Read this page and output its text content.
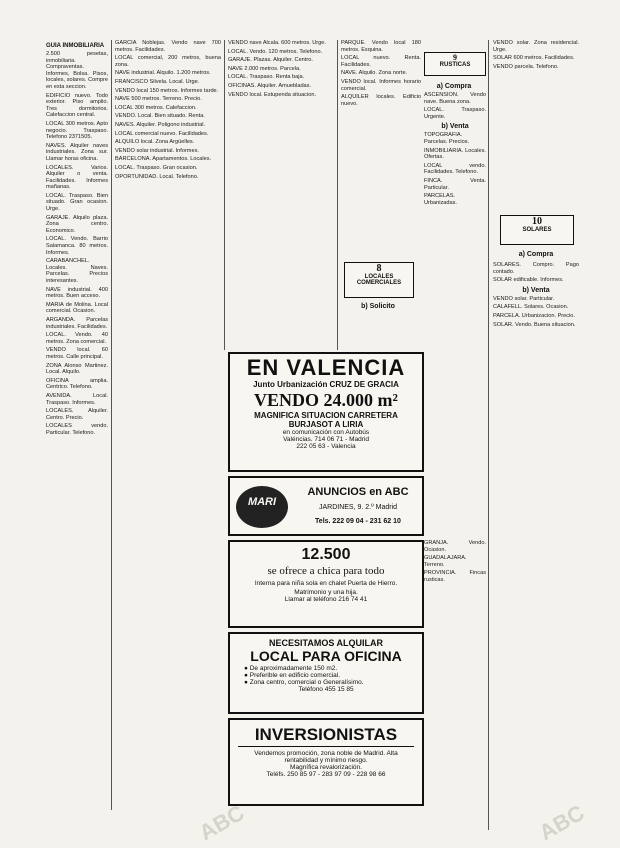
GUIA INMOBILIARIA

2.500 pesetas, inmobiliaria. Compraventas. Informes, Bolsa. Pisos, locales, solares. Compre en esta seccion.

EDIFICIO nuevo. Todo exterior. Piso amplio. Tres dormitorios. Calefaccion central.

LOCAL 300 metros. Apto negocio. Traspaso. Telefono 2371505.

NAVES. Alquiler naves industriales. Zona sur. Llamar horas oficina.

LOCALES. Varios. Alquiler o venta. Facilidades. Informes mañanas.

LOCAL. Traspaso. Bien situado. Gran ocasion. Urge.

GARAJE. Alquilo plaza. Zona centro. Economico.

LOCAL. Vendo. Barrio Salamanca. 80 metros. Informes.

CARABANCHEL. Locales. Naves. Parcelas. Precios interesantes.

NAVE industrial. 400 metros. Buen acceso.

MARIA de Molina. Local comercial. Ocasion.

ARGANDA. Parcelas industriales. Facilidades.

LOCAL. Vendo. 40 metros. Zona comercial.

VENDO local. 60 metros. Calle principal.

ZONA Alonso Martinez. Local. Alquilo.

OFICINA amplia. Centrico. Telefono.

AVENIDA. Local. Traspaso. Informes.

LOCALES. Alquiler. Centro. Precio.

LOCALES vendo. Particular. Telefono.

GARCIA Noblejas. Vendo nave 700 metros. Facilidades.

LOCAL comercial, 200 metros, buena zona.

NAVE industrial. Alquilo. 1.200 metros.

FRANCISCO Silvela. Local. Urge.

VENDO local 150 metros. Informes tarde.

NAVE 500 metros. Terreno. Precio.

LOCAL 300 metros. Calefaccion.

VENDO. Local. Bien situado. Renta.

NAVES. Alquiler. Poligono industrial.

LOCAL comercial nuevo. Facilidades.

ALQUILO local. Zona Argüelles.

VENDO solar industrial. Informes.

BARCELONA. Apartamentos. Locales.

LOCAL. Traspaso. Gran ocasion.

OPORTUNIDAD. Local. Telefono.

VENDO nave Alcala. 600 metros. Urge.

LOCAL. Vendo. 120 metros. Telefono.

GARAJE. Plazas. Alquiler. Centro.

NAVE 2.000 metros. Parcela.

LOCAL. Traspaso. Renta baja.

OFICINAS. Alquiler. Amuebladas.

VENDO local. Estupenda situacion.

PARQUE. Vendo local 180 metros. Esquina.

LOCAL nuevo. Renta. Facilidades.

NAVE. Alquilo. Zona norte.

VENDO local. Informes horario comercial.

ALQUILER locales. Edificio nuevo.

8
LOCALES COMERCIALES
b) Solicito
9
RUSTICAS
a) Compra

ASCENSION. Vendo nave. Buena zona.

LOCAL. Traspaso. Urgente.

b) Venta

TOPOGRAFIA. Parcelas. Precios.

INMOBILIARIA. Locales. Ofertas.

LOCAL vendo. Facilidades. Telefono.

FINCA. Venta. Particular.

PARCELAS. Urbanizadas.

GRANJA. Vendo. Ocasion.

GUADALAJARA. Terreno.

PROVINCIA. Fincas rusticas.

VENDO solar. Zona residencial. Urge.

SOLAR 600 metros. Facilidades.

VENDO parcela. Telefono.

10
SOLARES
a) Compra

SOLARES. Compro. Pago contado.

SOLAR edificable. Informes.

b) Venta

VENDO solar. Particular.

CALAFELL. Solares. Ocasion.

PARCELA. Urbanizacion. Precio.

SOLAR. Vendo. Buena situacion.

EN VALENCIA
Junto Urbanización CRUZ DE GRACIA
VENDO 24.000 m²
MAGNIFICA SITUACION CARRETERA
BURJASOT A LIRIA
en comunicación con Autobús
Valéncias. 714 06 71 - Madrid
222 05 63 - Valencia
MARI
ANUNCIOS en ABC
JARDINES, 9. 2.º Madrid
Tels. 222 09 04 - 231 62 10
12.500
se ofrece a chica para todo
Interna para niña sola en chalet Puerta de Hierro.
Matrimonio y una hija.
Llamar al teléfono 216 74 41
NECESITAMOS ALQUILAR
LOCAL PARA OFICINA
● De aproximadamente 150 m2.
● Preferible en edificio comercial.
● Zona centro, comercial o Generalísimo.
Teléfono 455 15 85
INVERSIONISTAS
Vendemos promoción, zona noble de Madrid. Alta rentabilidad y mínimo riesgo.
Magnífica revalorización.
Teléfs. 250 85 97 - 283 97 09 - 228 98 66
ABC	ABC
